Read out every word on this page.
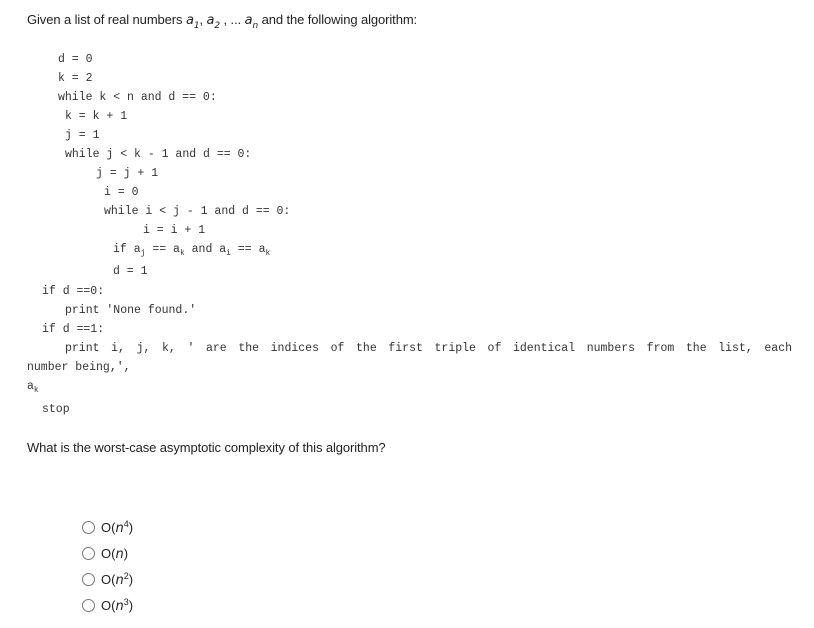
Given a list of real numbers $a_1$, $a_2$ , ... $a_n$ and the following algorithm:
d = 0
k = 2
while k < n and d == 0:
k = k + 1
j = 1
while j < k - 1 and d == 0:
j = j + 1
i = 0
while i < j - 1 and d == 0:
i = i + 1
if $a_j == a_k$ and $a_i == a_k$
d = 1
if d ==0:
print 'None found.'
if d ==1:
print i, j, k, ' are the indices of the first triple of identical numbers from the list, each
number being,',
$a_k$
stop
What is the worst-case asymptotic complexity of this algorithm?
$O(n^4)$
O(n)
$O(n^2)$
$O(n^3)$
